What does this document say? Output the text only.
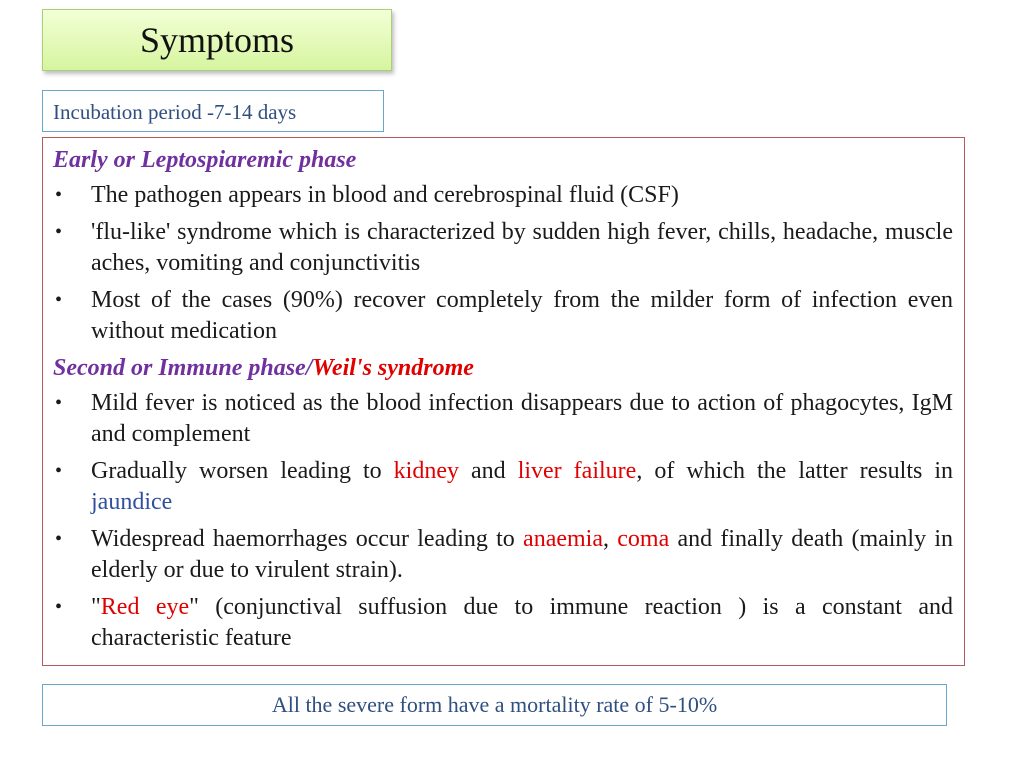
Symptoms
Incubation period -7-14 days
Early or Leptospiaremic phase
• The pathogen appears in blood and cerebrospinal fluid (CSF)
• 'flu-like' syndrome which is characterized by sudden high fever, chills, headache, muscle aches, vomiting and conjunctivitis
• Most of the cases (90%) recover completely from the milder form of infection even without medication
Second or Immune phase/Weil's syndrome
• Mild fever is noticed as the blood infection disappears due to action of phagocytes, IgM and complement
• Gradually worsen leading to kidney and liver failure, of which the latter results in jaundice
• Widespread haemorrhages occur leading to anaemia, coma and finally death (mainly in elderly or due to virulent strain).
• "Red eye" (conjunctival suffusion due to immune reaction ) is a constant and characteristic feature
All the severe form have a mortality rate of 5-10%
